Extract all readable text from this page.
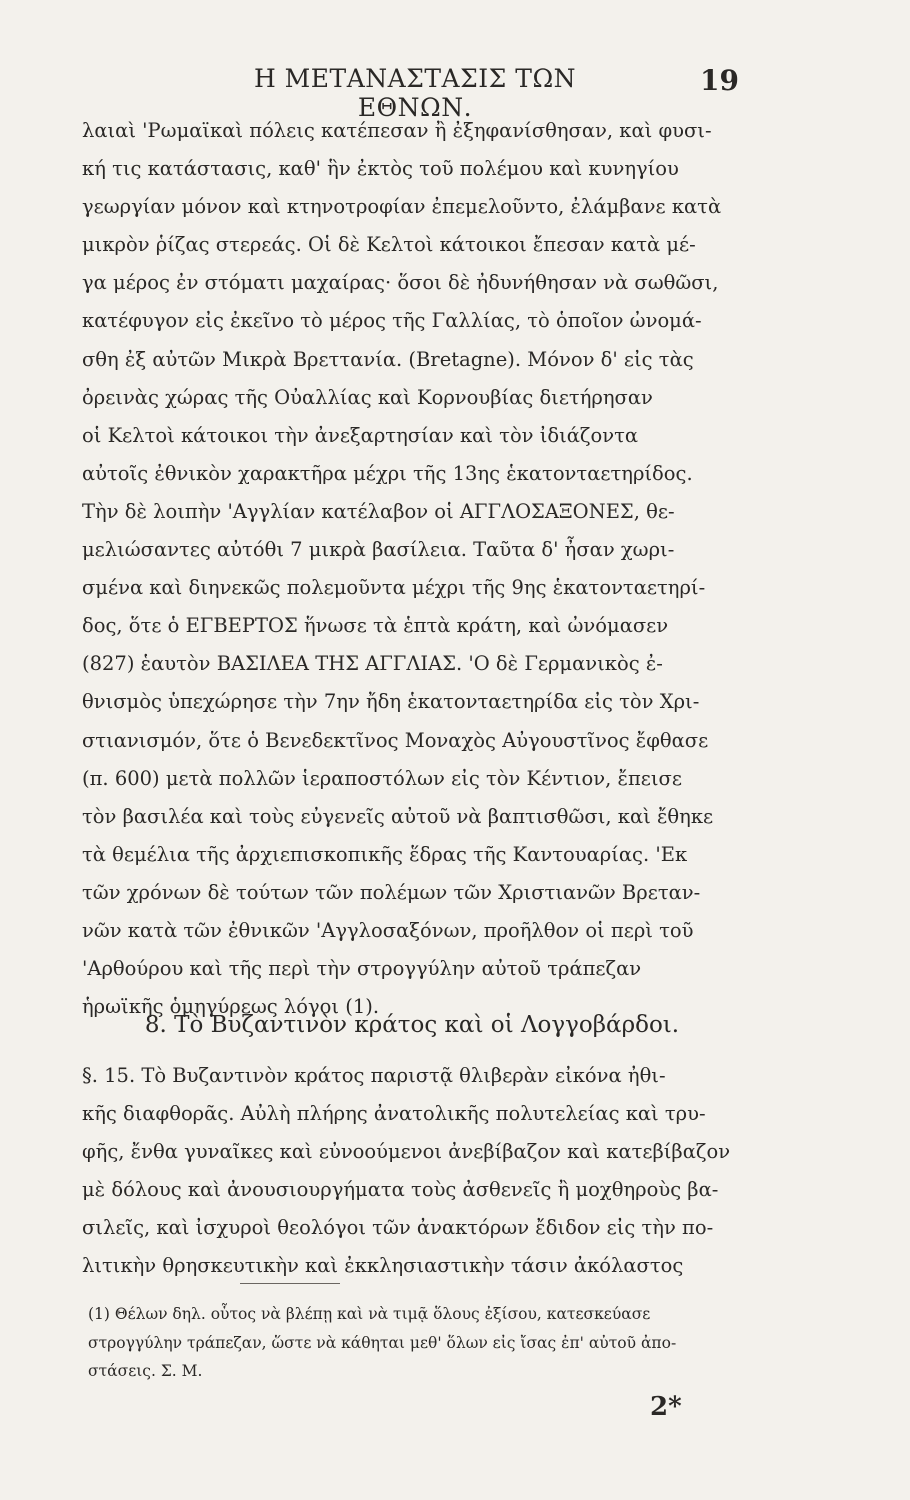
Η ΜΕΤΑΝΑΣΤΑΣΙΣ ΤΩΝ ΕΘΝΩΝ.
19
λαιαὶ 'Ρωμαϊκαὶ πόλεις κατέπεσαν ἢ ἐξηφανίσθησαν, καὶ φυσι-
κή τις κατάστασις, καθ' ἣν ἐκτὸς τοῦ πολέμου καὶ κυνηγίου
γεωργίαν μόνον καὶ κτηνοτροφίαν ἐπεμελοῦντο, ἐλάμβανε κατὰ
μικρὸν ῥίζας στερεάς. Οἱ δὲ Κελτοὶ κάτοικοι ἔπεσαν κατὰ μέ-
γα μέρος ἐν στόματι μαχαίρας· ὅσοι δὲ ἠδυνήθησαν νὰ σωθῶσι,
κατέφυγον εἰς ἐκεῖνο τὸ μέρος τῆς Γαλλίας, τὸ ὁποῖον ὠνομά-
σθη ἐξ αὐτῶν Μικρὰ Βρεττανία. (Bretagne). Μόνον δ' εἰς τὰς
ὀρεινὰς χώρας τῆς Οὐαλλίας καὶ Κορνουβίας διετήρησαν
οἱ Κελτοὶ κάτοικοι τὴν ἀνεξαρτησίαν καὶ τὸν ἰδιάζοντα
αὐτοῖς ἐθνικὸν χαρακτῆρα μέχρι τῆς 13ης ἑκατονταετηρίδος.
Τὴν δὲ λοιπὴν 'Αγγλίαν κατέλαβον οἱ ΑΓΓΛΟΣΑΞΟΝΕΣ, θε-
μελιώσαντες αὐτόθι 7 μικρὰ βασίλεια. Ταῦτα δ' ἦσαν χωρι-
σμένα καὶ διηνεκῶς πολεμοῦντα μέχρι τῆς 9ης ἑκατονταετηρί-
δος, ὅτε ὁ ΕΓΒΕΡΤΟΣ ἥνωσε τὰ ἑπτὰ κράτη, καὶ ὠνόμασεν
(827) ἑαυτὸν ΒΑΣΙΛΕΑ ΤΗΣ ΑΓΓΛΙΑΣ. 'Ο δὲ Γερμανικὸς ἐ-
θνισμὸς ὑπεχώρησε τὴν 7ην ἤδη ἑκατονταετηρίδα εἰς τὸν Χρι-
στιανισμόν, ὅτε ὁ Βενεδεκτῖνος Μοναχὸς Αὐγουστῖνος ἔφθασε
(π. 600) μετὰ πολλῶν ἱεραποστόλων εἰς τὸν Κέντιον, ἔπεισε
τὸν βασιλέα καὶ τοὺς εὐγενεῖς αὐτοῦ νὰ βαπτισθῶσι, καὶ ἔθηκε
τὰ θεμέλια τῆς ἀρχιεπισκοπικῆς ἕδρας τῆς Καντουαρίας. 'Εκ
τῶν χρόνων δὲ τούτων τῶν πολέμων τῶν Χριστιανῶν Βρεταν-
νῶν κατὰ τῶν ἐθνικῶν 'Αγγλοσαξόνων, προῆλθον οἱ περὶ τοῦ
'Αρθούρου καὶ τῆς περὶ τὴν στρογγύλην αὐτοῦ τράπεζαν
ἡρωϊκῆς ὁμηγύρεως λόγοι (1).
8. Τὸ Βυζαντινὸν κράτος καὶ οἱ Λογγοβάρδοι.
§. 15. Τὸ Βυζαντινὸν κράτος παριστᾷ θλιβερὰν εἰκόνα ἠθι-
κῆς διαφθορᾶς. Αὐλὴ πλήρης ἀνατολικῆς πολυτελείας καὶ τρυ-
φῆς, ἔνθα γυναῖκες καὶ εὐνοούμενοι ἀνεβίβαζον καὶ κατεβίβαζον
μὲ δόλους καὶ ἀνουσιουργήματα τοὺς ἀσθενεῖς ἢ μοχθηροὺς βα-
σιλεῖς, καὶ ἰσχυροὶ θεολόγοι τῶν ἀνακτόρων ἔδιδον εἰς τὴν πο-
λιτικὴν θρησκευτικὴν καὶ ἐκκλησιαστικὴν τάσιν ἀκόλαστος
(1) Θέλων δηλ. οὗτος νὰ βλέπῃ καὶ νὰ τιμᾷ ὅλους ἐξίσου, κατεσκεύασε
στρογγύλην τράπεζαν, ὥστε νὰ κάθηται μεθ' ὅλων εἰς ἴσας ἐπ' αὐτοῦ ἀπο-
στάσεις. Σ. Μ.
2*
